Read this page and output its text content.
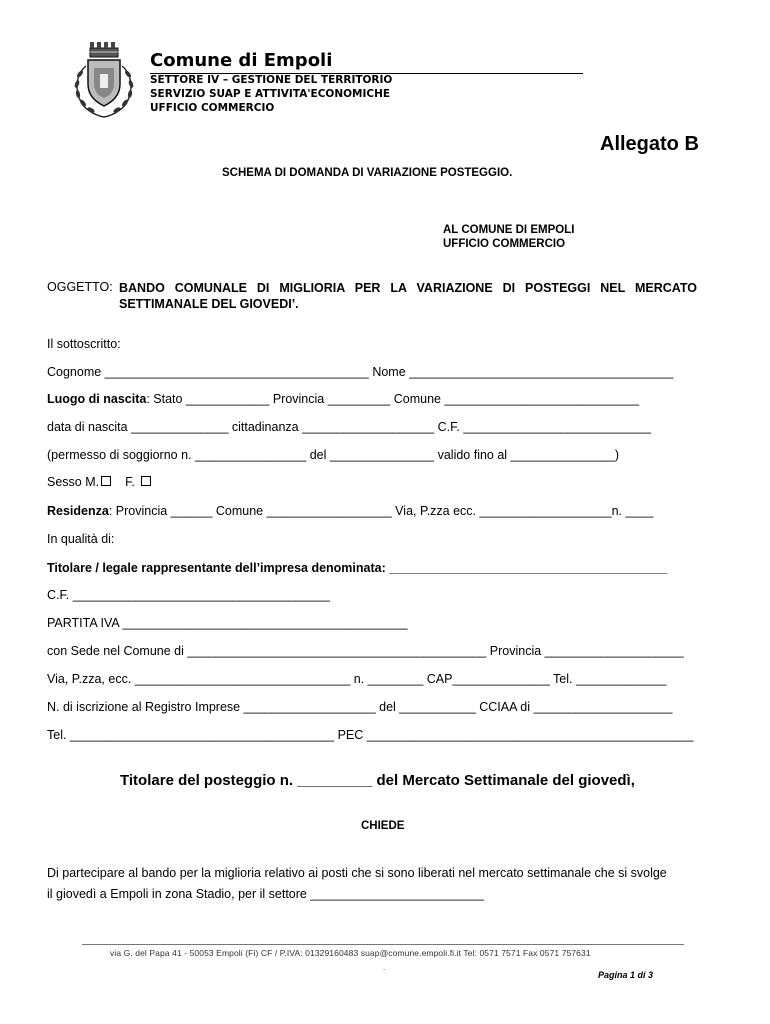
Comune di Empoli
SETTORE IV – GESTIONE DEL TERRITORIO
SERVIZIO SUAP E ATTIVITA'ECONOMICHE
UFFICIO COMMERCIO
Allegato B
SCHEMA DI DOMANDA DI VARIAZIONE POSTEGGIO.
AL COMUNE DI EMPOLI
UFFICIO COMMERCIO
OGGETTO: BANDO COMUNALE DI MIGLIORIA PER LA VARIAZIONE DI POSTEGGI NEL MERCATO SETTIMANALE DEL GIOVEDI’.
Il sottoscritto:
Cognome ______________________________________ Nome ______________________________________
Luogo di nascita: Stato ____________ Provincia _________ Comune ____________________________
data di nascita ______________ cittadinanza ___________________ C.F. ___________________________
(permesso di soggiorno n. ________________ del _______________ valido fino al _______________)
Sesso M. F.
Residenza: Provincia ______ Comune __________________ Via, P.zza ecc. ___________________n. ____
In qualità di:
Titolare / legale rappresentante dell’impresa denominata: ________________________________________
C.F. _____________________________________
PARTITA IVA _________________________________________
con Sede nel Comune di ___________________________________________ Provincia ____________________
Via, P.zza, ecc. _______________________________ n. ________ CAP______________ Tel. _____________
N. di iscrizione al Registro Imprese ___________________ del ___________ CCIAA di ____________________
Tel. ______________________________________ PEC _______________________________________________
Titolare del posteggio n. _________ del Mercato Settimanale del giovedì,
CHIEDE
Di partecipare al bando per la miglioria relativo ai posti che si sono liberati nel mercato settimanale che si svolge
il giovedì a Empoli in zona Stadio, per il settore _________________________
via G. del Papa 41 - 50053 Empoli (Fi) CF / P.IVA: 01329160483 suap@comune.empoli.fi.it Tel: 0571 7571 Fax 0571 757631
.
Pagina 1 di 3
